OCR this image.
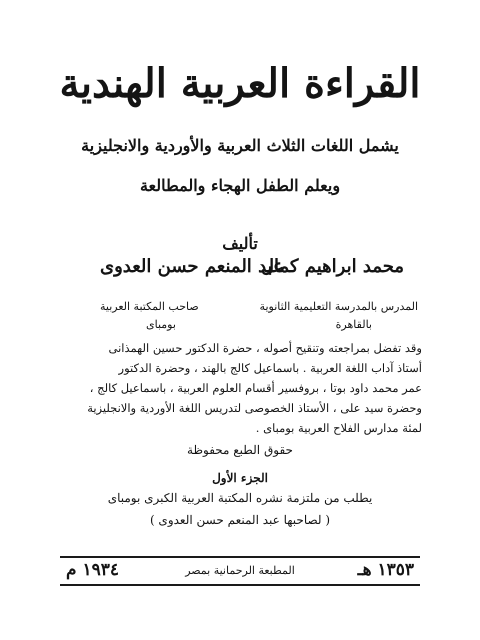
القراءة العربية الهندية
يشمل اللغات الثلاث العربية والأوردية والانجليزية
ويعلم الطفل الهجاء والمطالعة
تأليف
محمد ابراهيم كمال
عبد المنعم حسن العدوى
المدرس بالمدرسة التعليمية الثانوية
بالقاهرة
صاحب المكتبة العربية
بومباى
وقد تفضل بمراجعته وتنقيح أصوله ، حضرة الدكتور حسين الهمذانى
أستاذ آداب اللغة العربية . باسماعيل كالج بالهند ، وحضرة الدكتور
عمر محمد داود بوتا ، بروفسير أقسام العلوم العربية ، باسماعيل كالج ،
وحضرة سيد على ، الأستاذ الخصوصى لتدريس اللغة الأوردية والانجليزية
لمئة مدارس الفلاح العربية بومباى .
حقوق الطبع محفوظة
الجزء الأول
يطلب من ملتزمة نشره المكتبة العربية الكبرى بومباى
( لصاحبها عبد المنعم حسن العدوى )
١٣٥٣ هـ
المطبعة الرحمانية بمصر
١٩٣٤ م
